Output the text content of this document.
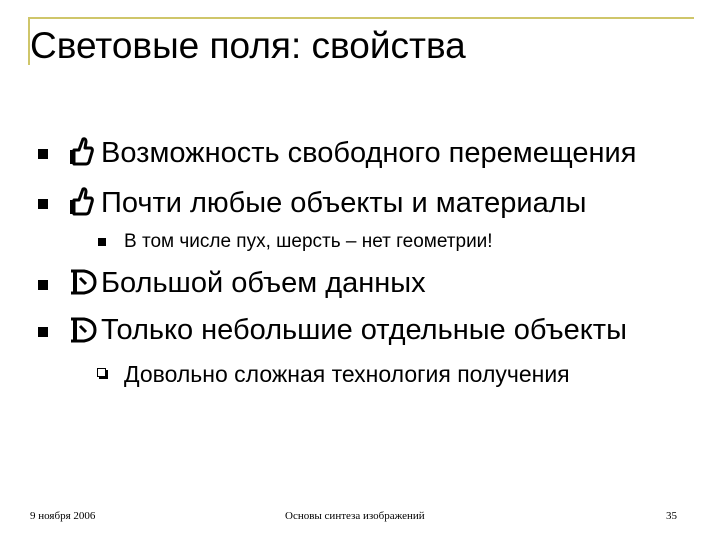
Световые поля: свойства
Возможность свободного перемещения
Почти любые объекты и материалы
В том числе пух, шерсть – нет геометрии!
Большой объем данных
Только небольшие отдельные объекты
Довольно сложная технология получения
9 ноября 2006	Основы синтеза изображений	35
